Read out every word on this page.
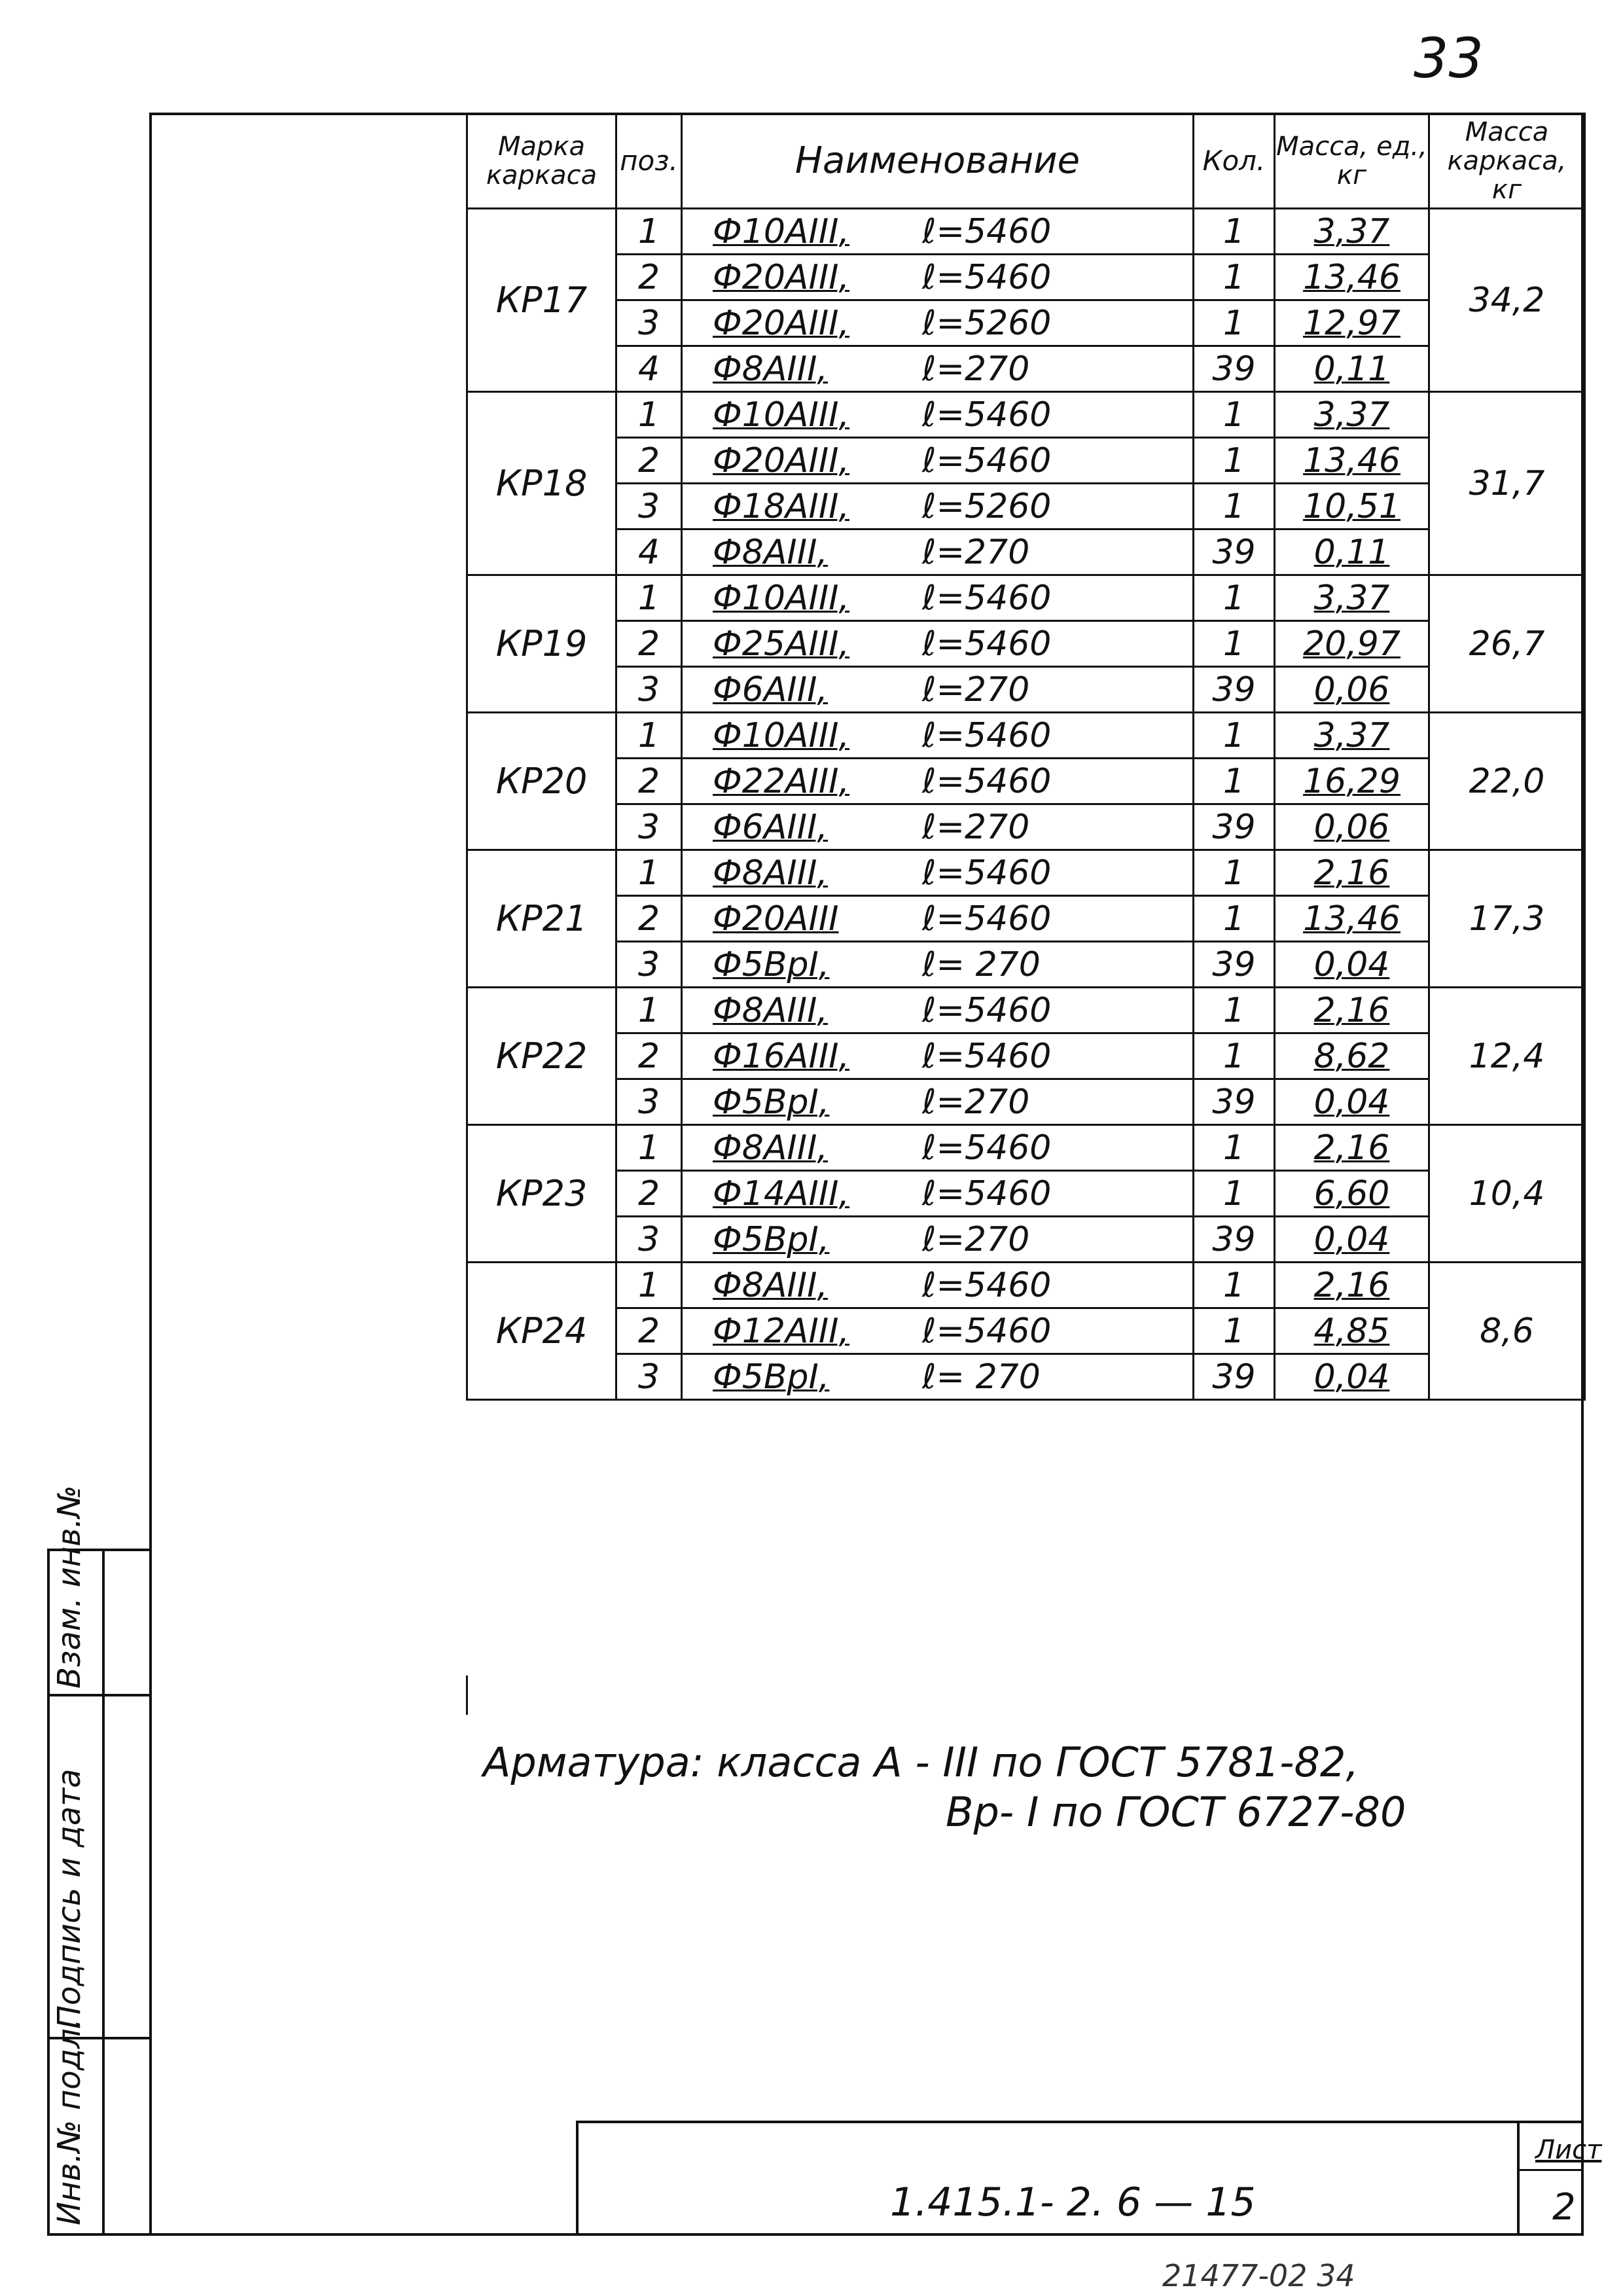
Инв.№ подл.
Подпись и дата
Взам. инв.№
33
Марка каркаса	поз.	Наименование	Кол.	Масса, ед., кг	Масса каркаса, кг
КР17	1	Ф10АIII, ℓ=5460	1	3,37	34,2
	2	Ф20АIII, ℓ=5460	1	13,46	
	3	Ф20АIII, ℓ=5260	1	12,97	
	4	Ф8АIII, ℓ=270	39	0,11	
КР18	1	Ф10АIII, ℓ=5460	1	3,37	31,7
	2	Ф20АIII, ℓ=5460	1	13,46	
	3	Ф18АIII, ℓ=5260	1	10,51	
	4	Ф8АIII, ℓ=270	39	0,11	
КР19	1	Ф10АIII, ℓ=5460	1	3,37	26,7
	2	Ф25АIII, ℓ=5460	1	20,97	
	3	Ф6АIII, ℓ=270	39	0,06	
КР20	1	Ф10АIII, ℓ=5460	1	3,37	22,0
	2	Ф22АIII, ℓ=5460	1	16,29	
	3	Ф6АIII, ℓ=270	39	0,06	
КР21	1	Ф8АIII, ℓ=5460	1	2,16	17,3
	2	Ф20АIII ℓ=5460	1	13,46	
	3	Ф5ВрI, ℓ= 270	39	0,04	
КР22	1	Ф8АIII, ℓ=5460	1	2,16	12,4
	2	Ф16АIII, ℓ=5460	1	8,62	
	3	Ф5ВрI, ℓ=270	39	0,04	
КР23	1	Ф8АIII, ℓ=5460	1	2,16	10,4
	2	Ф14АIII, ℓ=5460	1	6,60	
	3	Ф5ВрI, ℓ=270	39	0,04	
КР24	1	Ф8АIII, ℓ=5460	1	2,16	8,6
	2	Ф12АIII, ℓ=5460	1	4,85	
	3	Ф5ВрI, ℓ= 270	39	0,04	
Арматура: класса А - III по ГОСТ 5781-82,
Вр- I по ГОСТ 6727-80
1.415.1- 2. 6 — 15
Лист
2
21477-02 34
